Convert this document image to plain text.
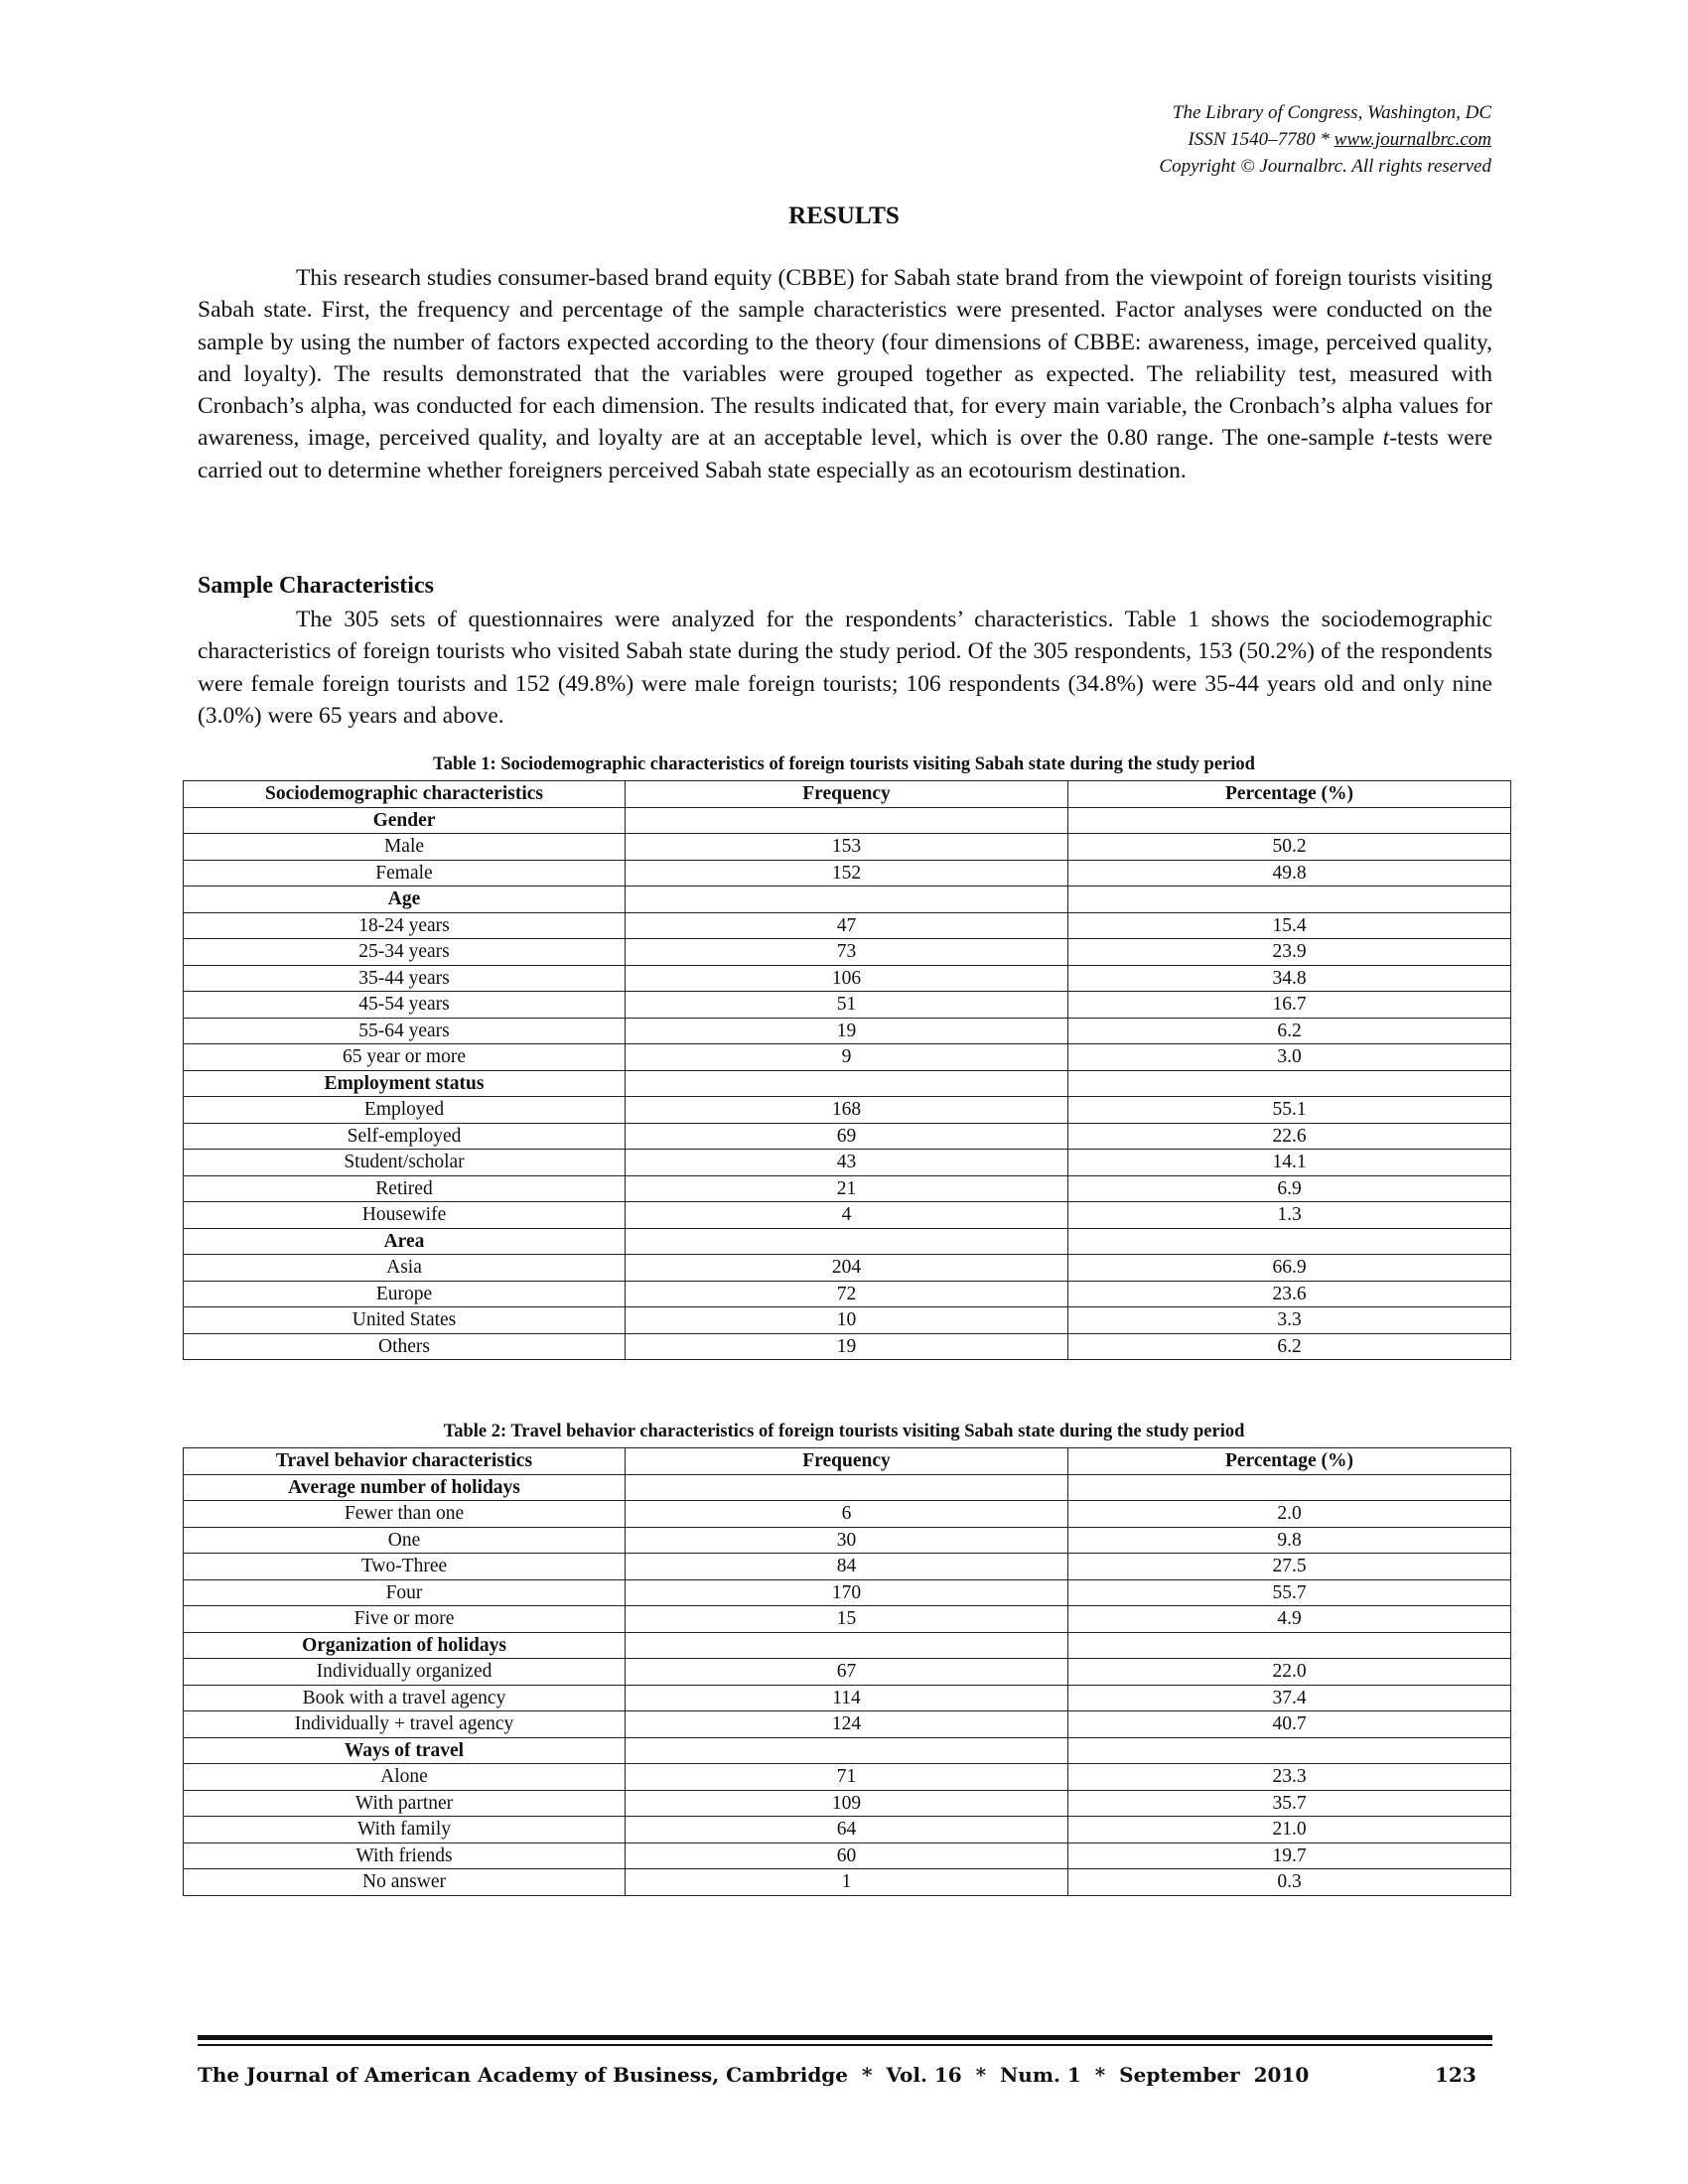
The Library of Congress, Washington, DC
ISSN 1540–7780 * www.journalbrc.com
Copyright © Journalbrc. All rights reserved
RESULTS

This research studies consumer-based brand equity (CBBE) for Sabah state brand from the viewpoint of foreign tourists visiting Sabah state. First, the frequency and percentage of the sample characteristics were presented. Factor analyses were conducted on the sample by using the number of factors expected according to the theory (four dimensions of CBBE: awareness, image, perceived quality, and loyalty). The results demonstrated that the variables were grouped together as expected. The reliability test, measured with Cronbach’s alpha, was conducted for each dimension. The results indicated that, for every main variable, the Cronbach’s alpha values for awareness, image, perceived quality, and loyalty are at an acceptable level, which is over the 0.80 range. The one-sample t-tests were carried out to determine whether foreigners perceived Sabah state especially as an ecotourism destination.

Sample Characteristics

The 305 sets of questionnaires were analyzed for the respondents’ characteristics. Table 1 shows the sociodemographic characteristics of foreign tourists who visited Sabah state during the study period. Of the 305 respondents, 153 (50.2%) of the respondents were female foreign tourists and 152 (49.8%) were male foreign tourists; 106 respondents (34.8%) were 35-44 years old and only nine (3.0%) were 65 years and above.

Table 1: Sociodemographic characteristics of foreign tourists visiting Sabah state during the study period
Sociodemographic characteristics	Frequency	Percentage (%)
Gender		
Male	153	50.2
Female	152	49.8
Age		
18-24 years	47	15.4
25-34 years	73	23.9
35-44 years	106	34.8
45-54 years	51	16.7
55-64 years	19	6.2
65 year or more	9	3.0
Employment status		
Employed	168	55.1
Self-employed	69	22.6
Student/scholar	43	14.1
Retired	21	6.9
Housewife	4	1.3
Area		
Asia	204	66.9
Europe	72	23.6
United States	10	3.3
Others	19	6.2
Table 2: Travel behavior characteristics of foreign tourists visiting Sabah state during the study period
Travel behavior characteristics	Frequency	Percentage (%)
Average number of holidays		
Fewer than one	6	2.0
One	30	9.8
Two-Three	84	27.5
Four	170	55.7
Five or more	15	4.9
Organization of holidays		
Individually organized	67	22.0
Book with a travel agency	114	37.4
Individually + travel agency	124	40.7
Ways of travel		
Alone	71	23.3
With partner	109	35.7
With family	64	21.0
With friends	60	19.7
No answer	1	0.3
The Journal of American Academy of Business, Cambridge  *  Vol. 16  *  Num. 1  *  September  2010	123
